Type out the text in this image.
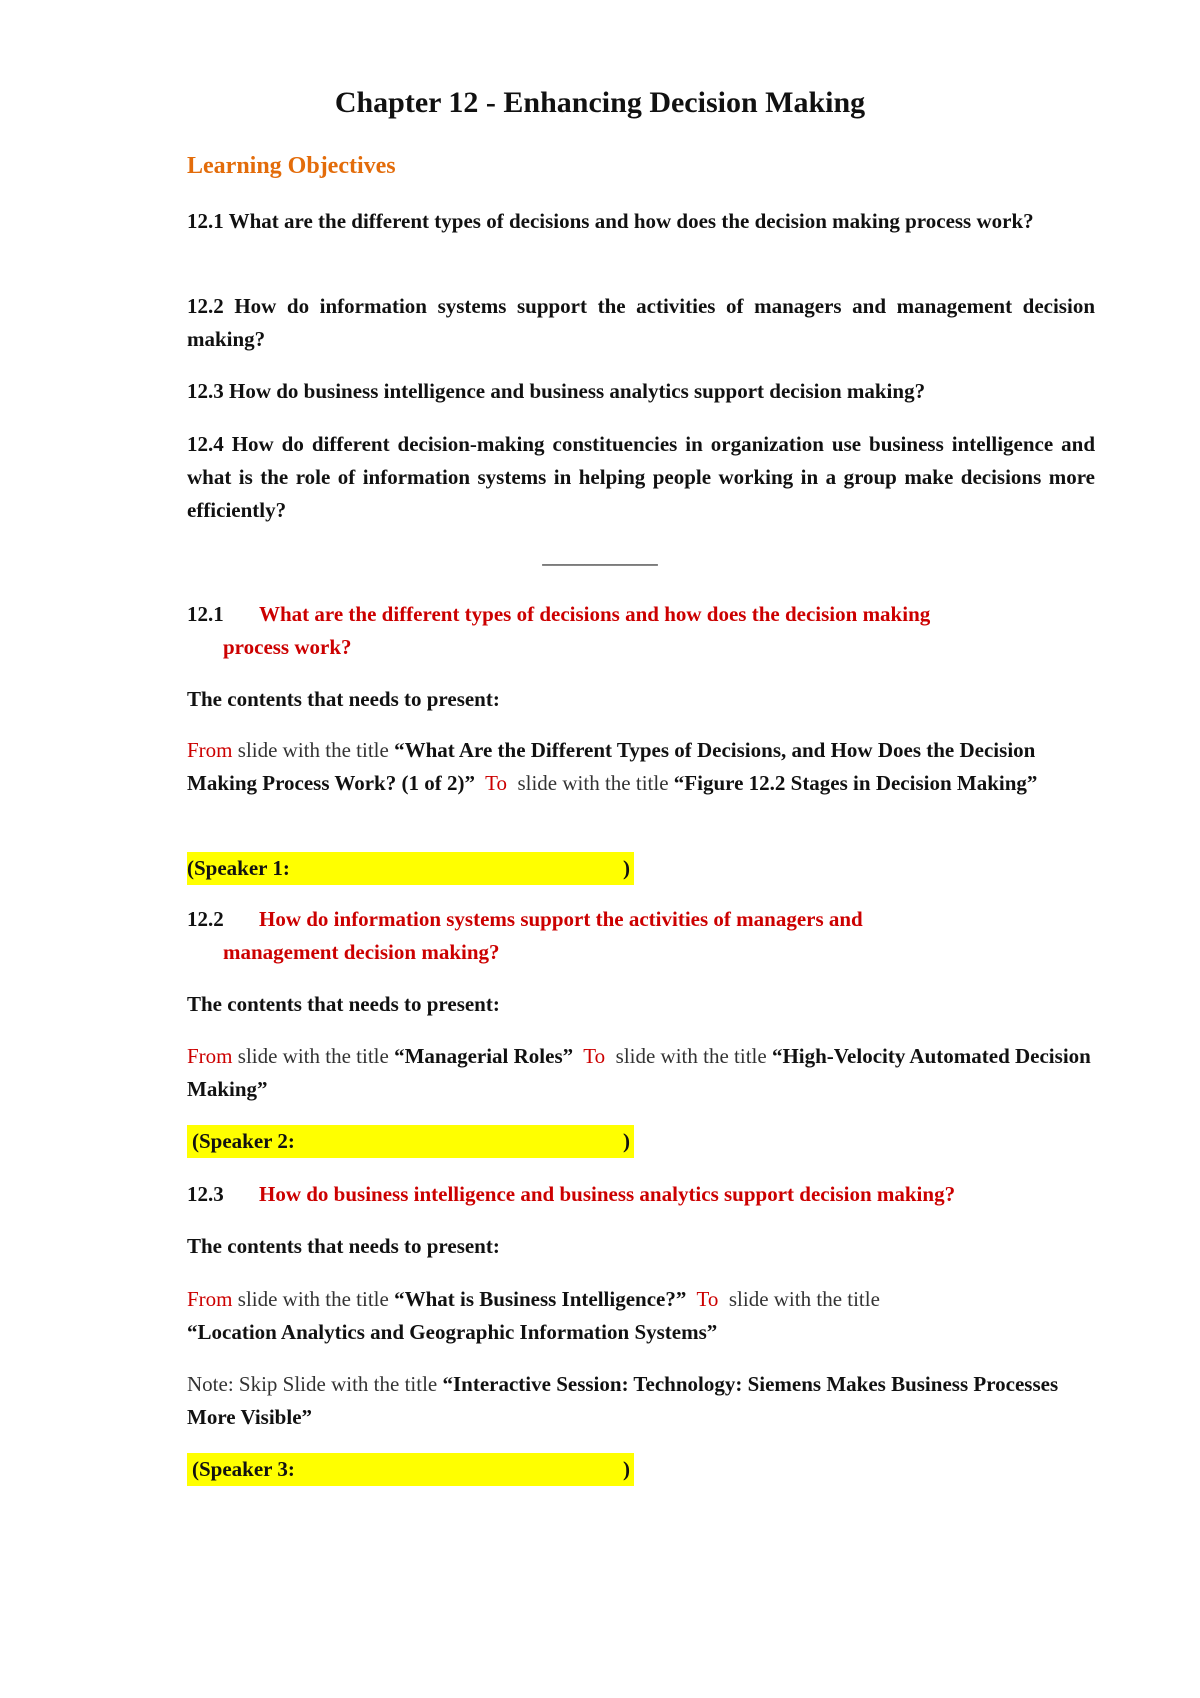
Chapter 12 - Enhancing Decision Making
Learning Objectives
12.1 What are the different types of decisions and how does the decision making process work?
12.2 How do information systems support the activities of managers and management decision making?
12.3 How do business intelligence and business analytics support decision making?
12.4 How do different decision-making constituencies in organization use business intelligence and what is the role of information systems in helping people working in a group make decisions more efficiently?
___________
12.1 What are the different types of decisions and how does the decision making
process work?
The contents that needs to present:
From slide with the title “What Are the Different Types of Decisions, and How Does the Decision Making Process Work? (1 of 2)” To slide with the title “Figure 12.2 Stages in Decision Making”
(Speaker 1:	)
12.2 How do information systems support the activities of managers and
management decision making?
The contents that needs to present:
From slide with the title “Managerial Roles” To slide with the title “High-Velocity Automated Decision Making”
(Speaker 2:	)
12.3 How do business intelligence and business analytics support decision making?
The contents that needs to present:
From slide with the title “What is Business Intelligence?” To slide with the title
“Location Analytics and Geographic Information Systems”
Note: Skip Slide with the title “Interactive Session: Technology: Siemens Makes Business Processes More Visible”
(Speaker 3:	)
